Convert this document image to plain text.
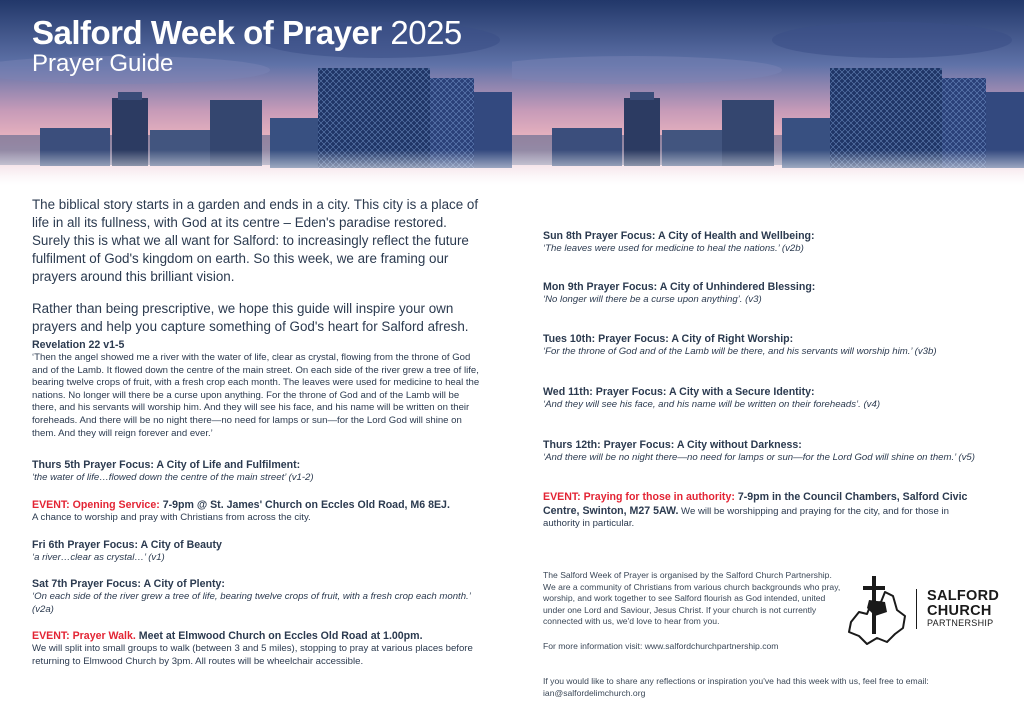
Salford Week of Prayer 2025
Prayer Guide

The biblical story starts in a garden and ends in a city. This city is a place of life in all its fullness, with God at its centre – Eden's paradise restored. Surely this is what we all want for Salford: to increasingly reflect the future fulfilment of God's kingdom on earth. So this week, we are framing our prayers around this brilliant vision.

Rather than being prescriptive, we hope this guide will inspire your own prayers and help you capture something of God's heart for Salford afresh.

Revelation 22 v1-5
‘Then the angel showed me a river with the water of life, clear as crystal, flowing from the throne of God and of the Lamb. It flowed down the centre of the main street. On each side of the river grew a tree of life, bearing twelve crops of fruit, with a fresh crop each month. The leaves were used for medicine to heal the nations. No longer will there be a curse upon anything. For the throne of God and of the Lamb will be there, and his servants will worship him. And they will see his face, and his name will be written on their foreheads. And there will be no night there—no need for lamps or sun—for the Lord God will shine on them. And they will reign forever and ever.’
Thurs 5th Prayer Focus: A City of Life and Fulfilment:
‘the water of life…flowed down the centre of the main street’ (v1-2)
EVENT: Opening Service: 7-9pm @ St. James' Church on Eccles Old Road, M6 8EJ.
A chance to worship and pray with Christians from across the city.
Fri 6th Prayer Focus: A City of Beauty
‘a river…clear as crystal…’ (v1)
Sat 7th Prayer Focus: A City of Plenty:
‘On each side of the river grew a tree of life, bearing twelve crops of fruit, with a fresh crop each month.’ (v2a)
EVENT: Prayer Walk. Meet at Elmwood Church on Eccles Old Road at 1.00pm.
We will split into small groups to walk (between 3 and 5 miles), stopping to pray at various places before returning to Elmwood Church by 3pm. All routes will be wheelchair accessible.
Sun 8th Prayer Focus: A City of Health and Wellbeing:
‘The leaves were used for medicine to heal the nations.’ (v2b)
Mon 9th Prayer Focus: A City of Unhindered Blessing:
‘No longer will there be a curse upon anything’. (v3)
Tues 10th: Prayer Focus: A City of Right Worship:
‘For the throne of God and of the Lamb will be there, and his servants will worship him.’ (v3b)
Wed 11th: Prayer Focus: A City with a Secure Identity:
‘And they will see his face, and his name will be written on their foreheads’. (v4)
Thurs 12th: Prayer Focus: A City without Darkness:
‘And there will be no night there—no need for lamps or sun—for the Lord God will shine on them.’ (v5)
EVENT: Praying for those in authority: 7-9pm in the Council Chambers, Salford Civic Centre, Swinton, M27 5AW. We will be worshipping and praying for the city, and for those in authority in particular.
The Salford Week of Prayer is organised by the Salford Church Partnership. We are a community of Christians from various church backgrounds who pray, worship, and work together to see Salford flourish as God intended, united under one Lord and Saviour, Jesus Christ. If your church is not currently connected with us, we'd love to hear from you.
For more information visit: www.salfordchurchpartnership.com
If you would like to share any reflections or inspiration you've had this week with us, feel free to email: ian@salfordelimchurch.org
SALFORD
CHURCH
PARTNERSHIP
